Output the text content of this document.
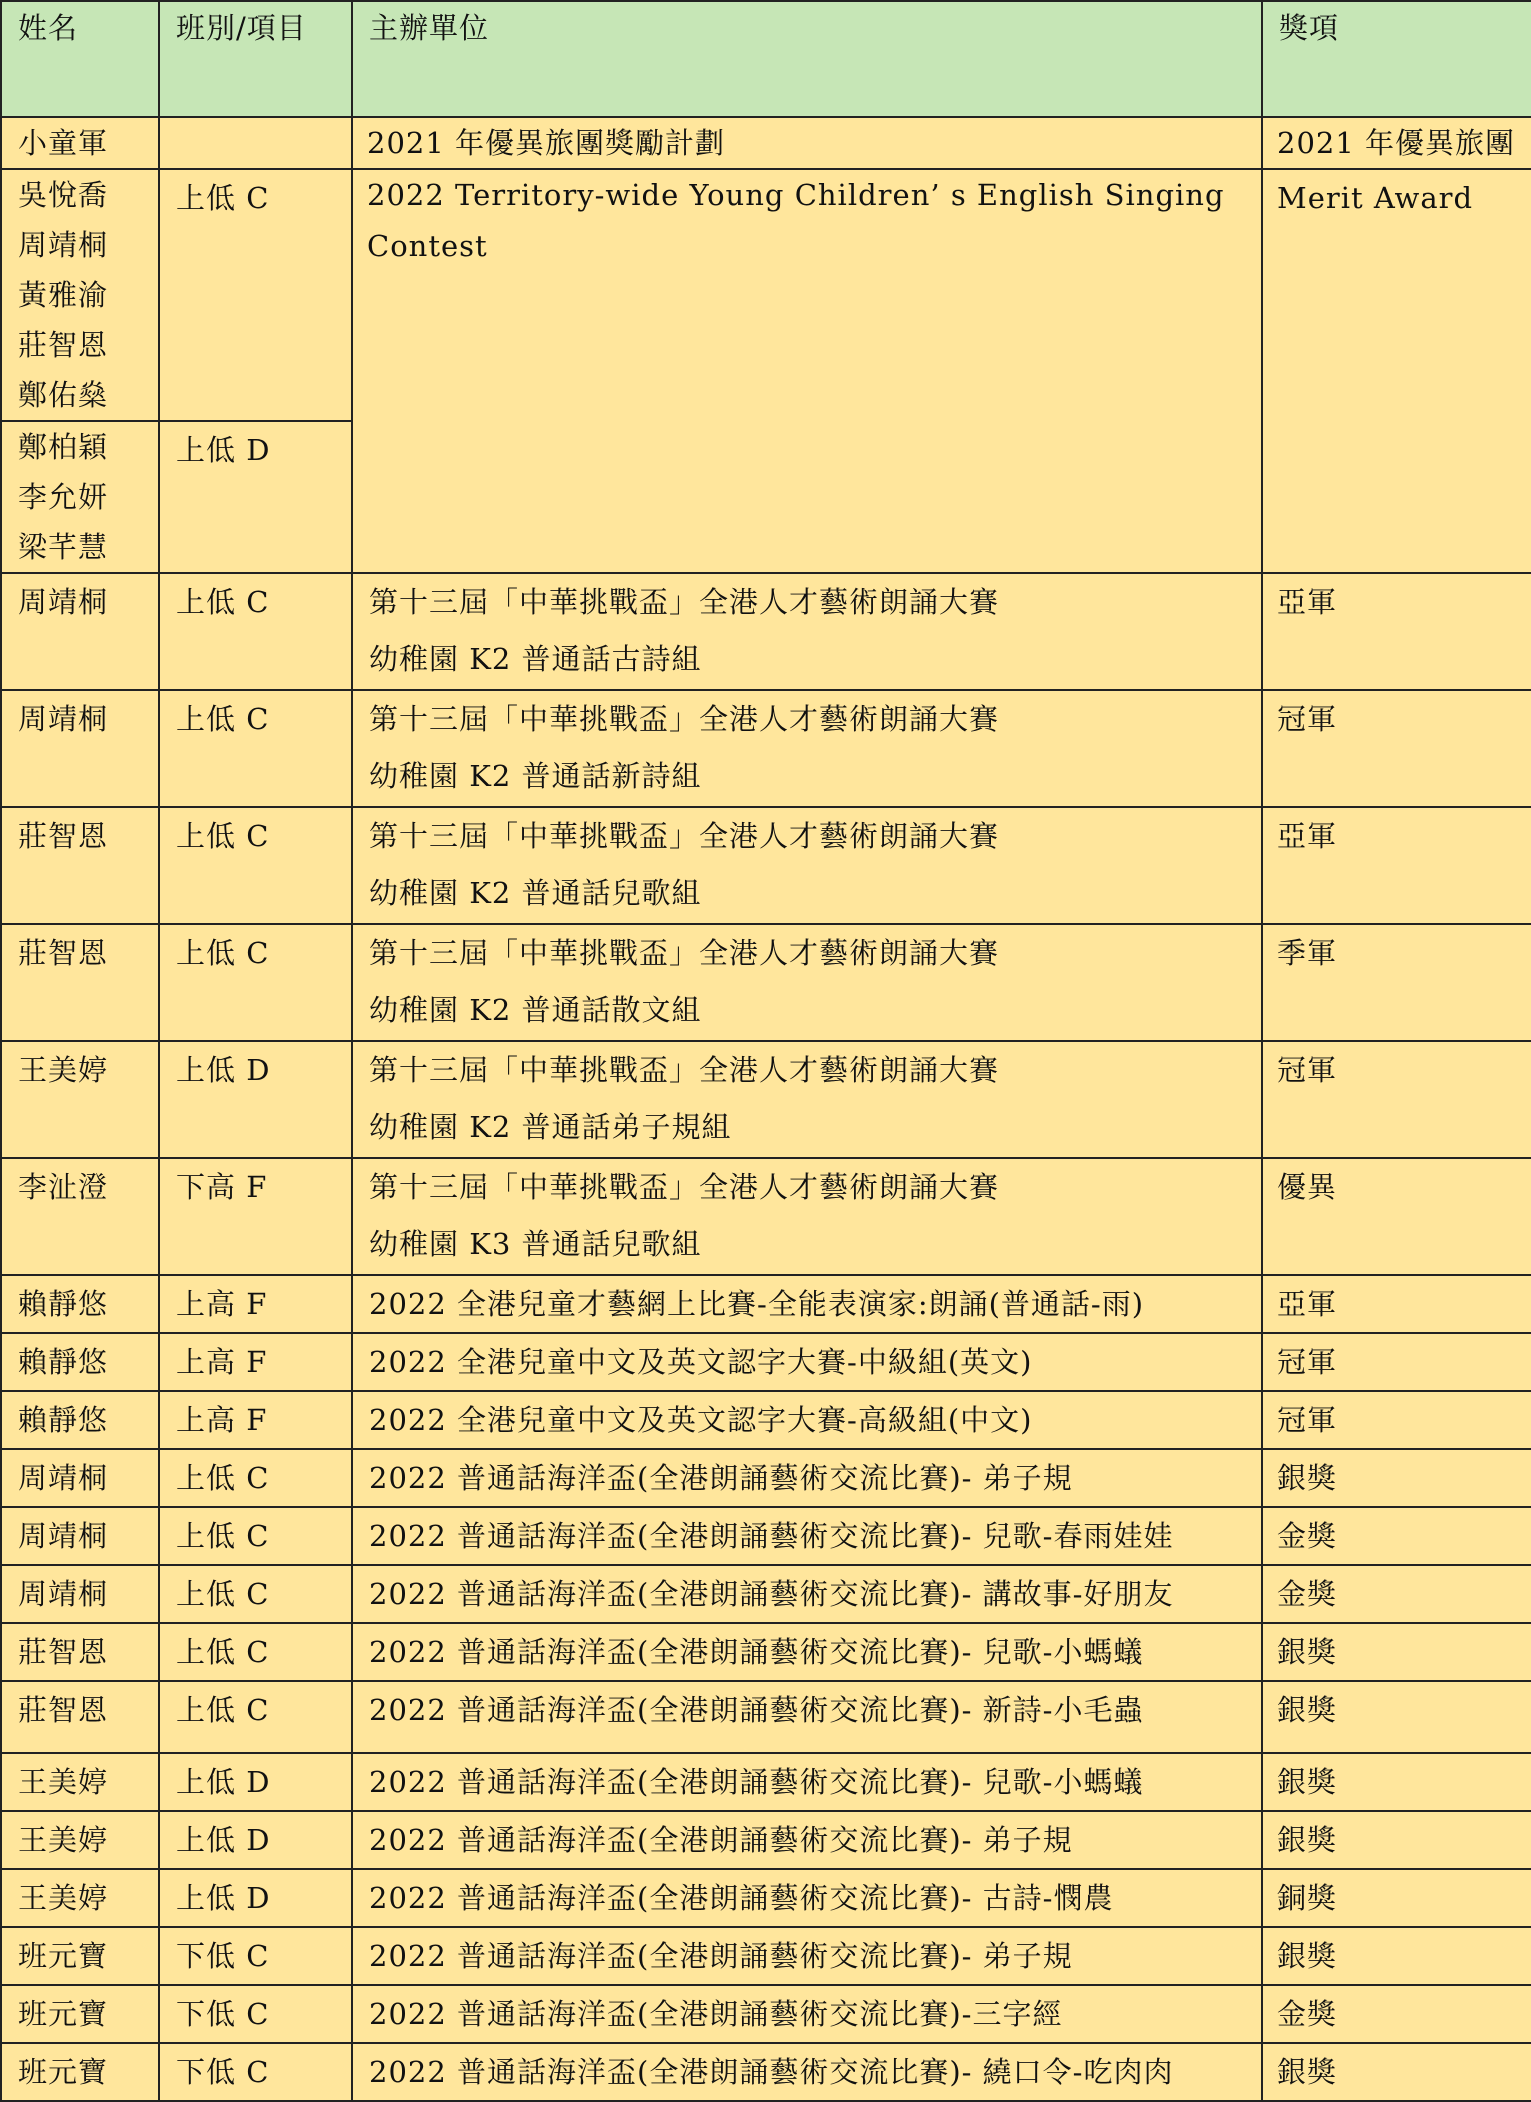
姓名	班別/項目	主辦單位	獎項

小童軍		2021 年優異旅團獎勵計劃	2021 年優異旅團

吳悅喬
周靖桐
黃雅渝
莊智恩
鄭佑燊	上低 C	2022 Territory-wide Young Children’ s English Singing Contest	Merit Award

鄭柏穎
李允妍
梁芊慧	上低 D		

周靖桐	上低 C	第十三屆「中華挑戰盃」全港人才藝術朗誦大賽
幼稚園 K2 普通話古詩組	亞軍

周靖桐	上低 C	第十三屆「中華挑戰盃」全港人才藝術朗誦大賽
幼稚園 K2 普通話新詩組	冠軍

莊智恩	上低 C	第十三屆「中華挑戰盃」全港人才藝術朗誦大賽
幼稚園 K2 普通話兒歌組	亞軍

莊智恩	上低 C	第十三屆「中華挑戰盃」全港人才藝術朗誦大賽
幼稚園 K2 普通話散文組	季軍

王美婷	上低 D	第十三屆「中華挑戰盃」全港人才藝術朗誦大賽
幼稚園 K2 普通話弟子規組	冠軍

李沚澄	下高 F	第十三屆「中華挑戰盃」全港人才藝術朗誦大賽
幼稚園 K3 普通話兒歌組	優異

賴靜悠	上高 F	2022 全港兒童才藝網上比賽-全能表演家:朗誦(普通話-雨)	亞軍

賴靜悠	上高 F	2022 全港兒童中文及英文認字大賽-中級組(英文)	冠軍

賴靜悠	上高 F	2022 全港兒童中文及英文認字大賽-高級組(中文)	冠軍

周靖桐	上低 C	2022 普通話海洋盃(全港朗誦藝術交流比賽)- 弟子規	銀獎

周靖桐	上低 C	2022 普通話海洋盃(全港朗誦藝術交流比賽)- 兒歌-春雨娃娃	金獎

周靖桐	上低 C	2022 普通話海洋盃(全港朗誦藝術交流比賽)- 講故事-好朋友	金獎

莊智恩	上低 C	2022 普通話海洋盃(全港朗誦藝術交流比賽)- 兒歌-小螞蟻	銀獎

莊智恩	上低 C	2022 普通話海洋盃(全港朗誦藝術交流比賽)- 新詩-小毛蟲	銀獎

王美婷	上低 D	2022 普通話海洋盃(全港朗誦藝術交流比賽)- 兒歌-小螞蟻	銀獎

王美婷	上低 D	2022 普通話海洋盃(全港朗誦藝術交流比賽)- 弟子規	銀獎

王美婷	上低 D	2022 普通話海洋盃(全港朗誦藝術交流比賽)- 古詩-憫農	銅獎

班元寶	下低 C	2022 普通話海洋盃(全港朗誦藝術交流比賽)- 弟子規	銀獎

班元寶	下低 C	2022 普通話海洋盃(全港朗誦藝術交流比賽)-三字經	金獎

班元寶	下低 C	2022 普通話海洋盃(全港朗誦藝術交流比賽)- 繞口令-吃肉肉	銀獎
